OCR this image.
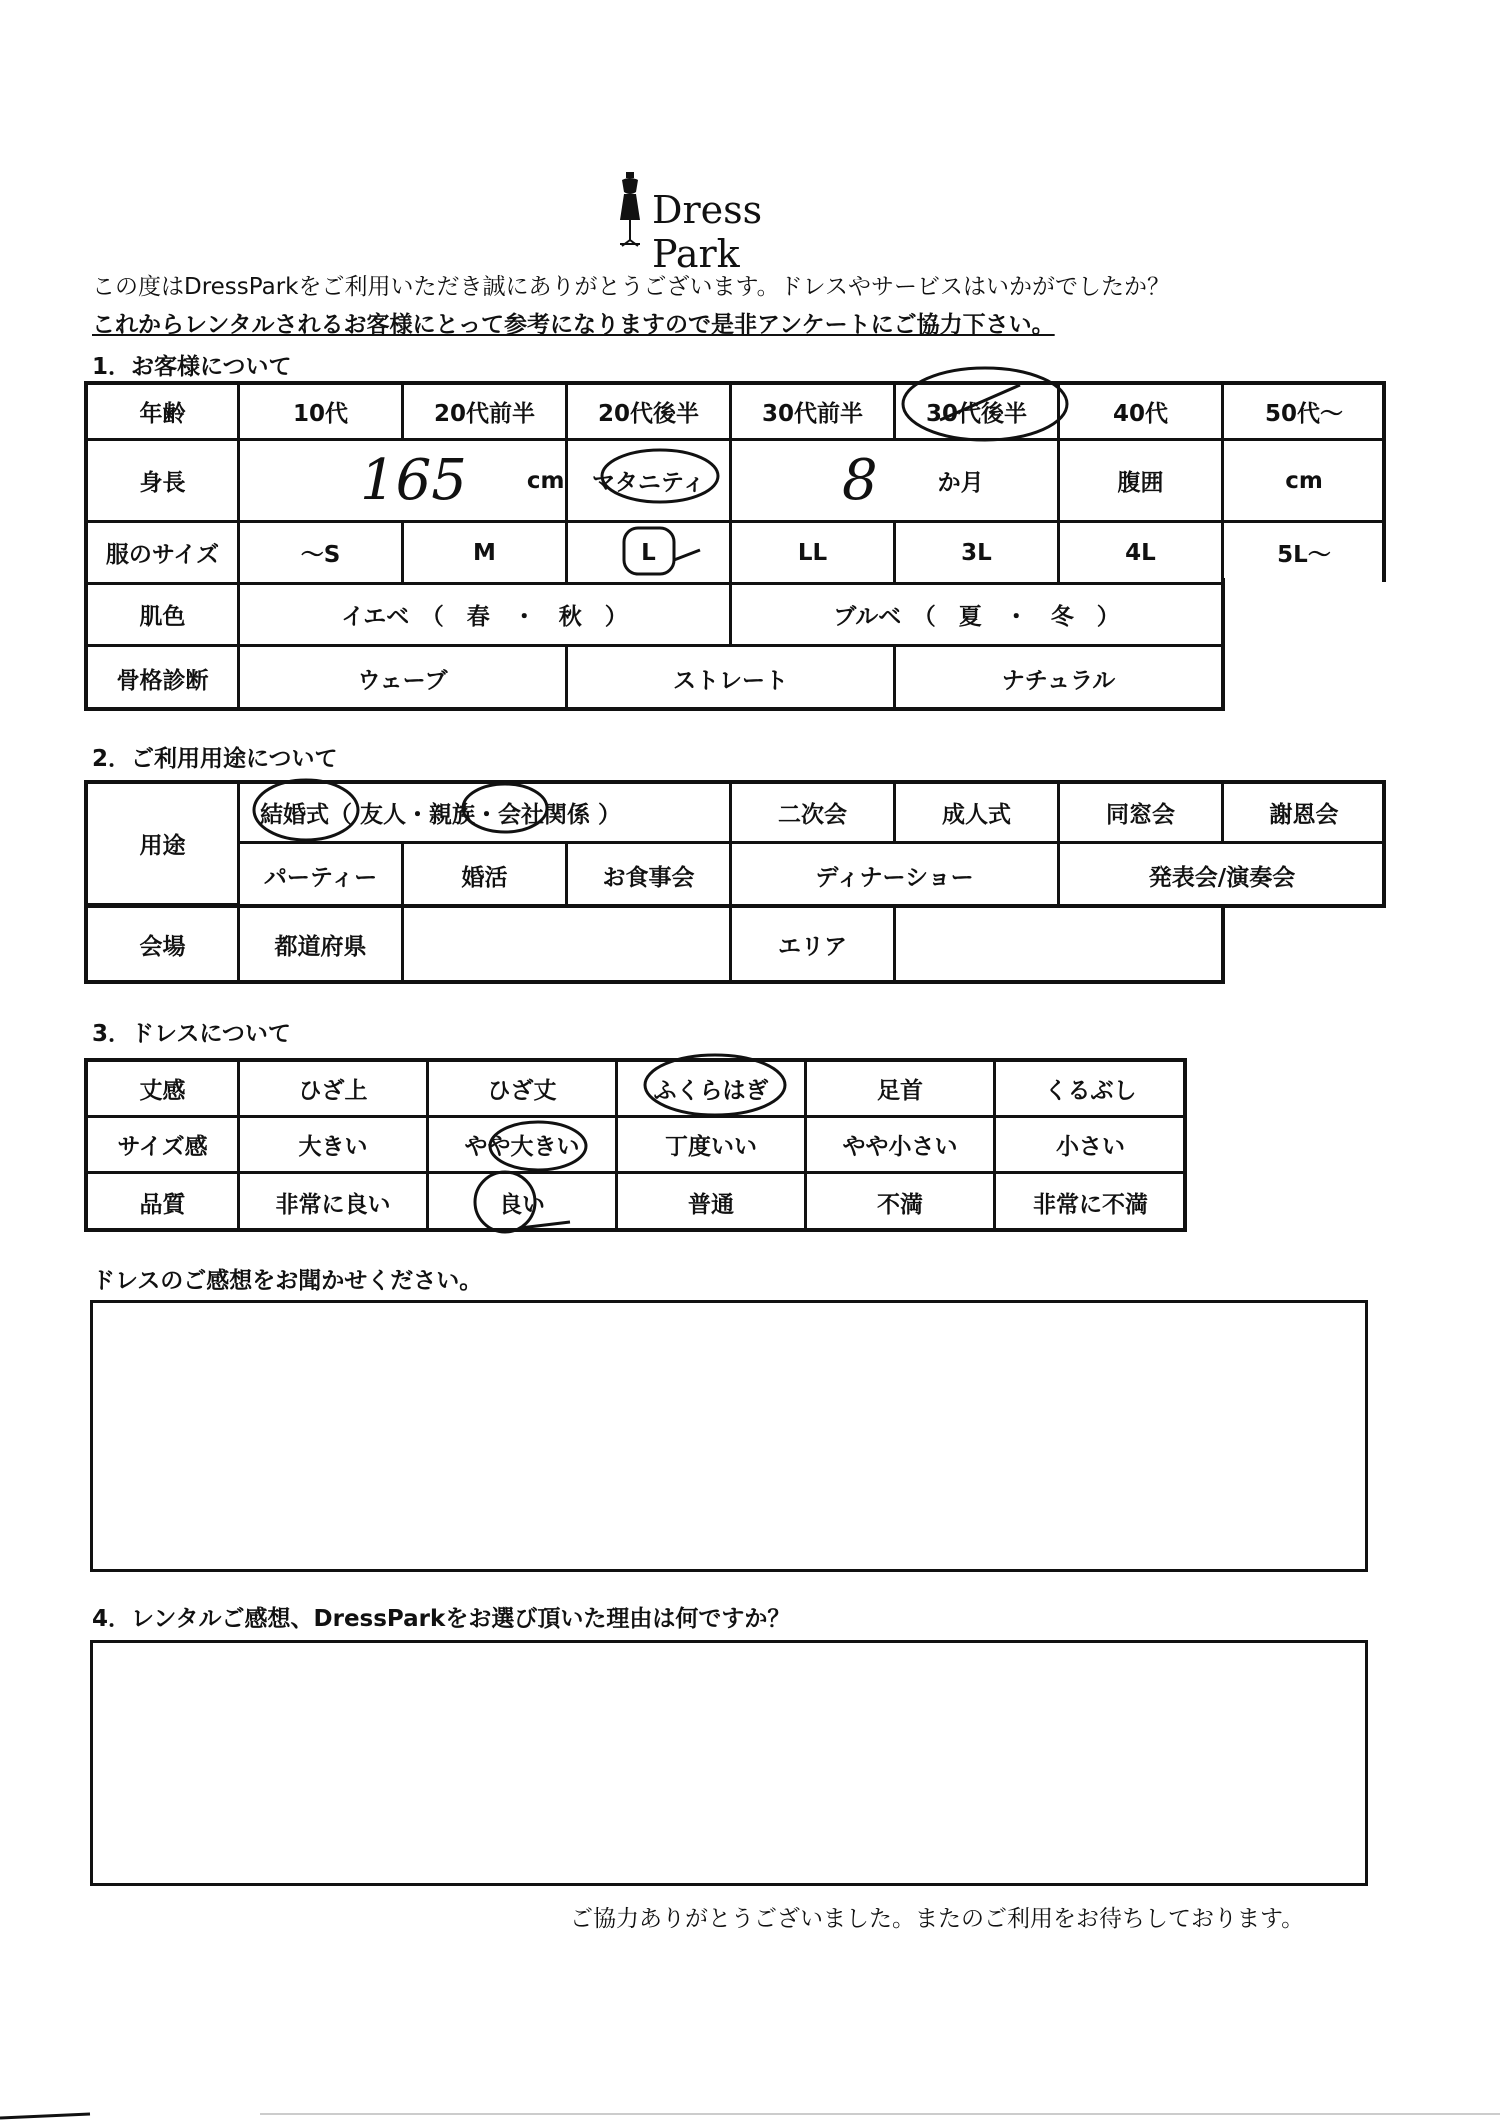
Dress Park
この度はDressParkをご利用いただき誠にありがとうございます。ドレスやサービスはいかがでしたか？
これからレンタルされるお客様にとって参考になりますので是非アンケートにご協力下さい。
1．お客様について
年齢	10代	20代前半	20代後半	30代前半	30代後半	40代	50代～
身長	165	cm	マタニティ	8	か月	腹囲	cm
服のサイズ	～S	M	L	LL	3L	4L	5L～
肌色	イエベ　（　春　・　秋　）	ブルベ　（　夏　・　冬　）
骨格診断	ウェーブ	ストレート	ナチュラル
2．ご利用用途について
用途
結婚式（ 友人・親族・会社関係 ）	二次会	成人式	同窓会	謝恩会
パーティー	婚活	お食事会	ディナーショー	発表会/演奏会
会場	都道府県	エリア
3．ドレスについて
丈感	ひざ上	ひざ丈	ふくらはぎ	足首	くるぶし
サイズ感	大きい	やや大きい	丁度いい	やや小さい	小さい
品質	非常に良い	良い	普通	不満	非常に不満
ドレスのご感想をお聞かせください。
4．レンタルご感想、DressParkをお選び頂いた理由は何ですか？
ご協力ありがとうございました。またのご利用をお待ちしております。
